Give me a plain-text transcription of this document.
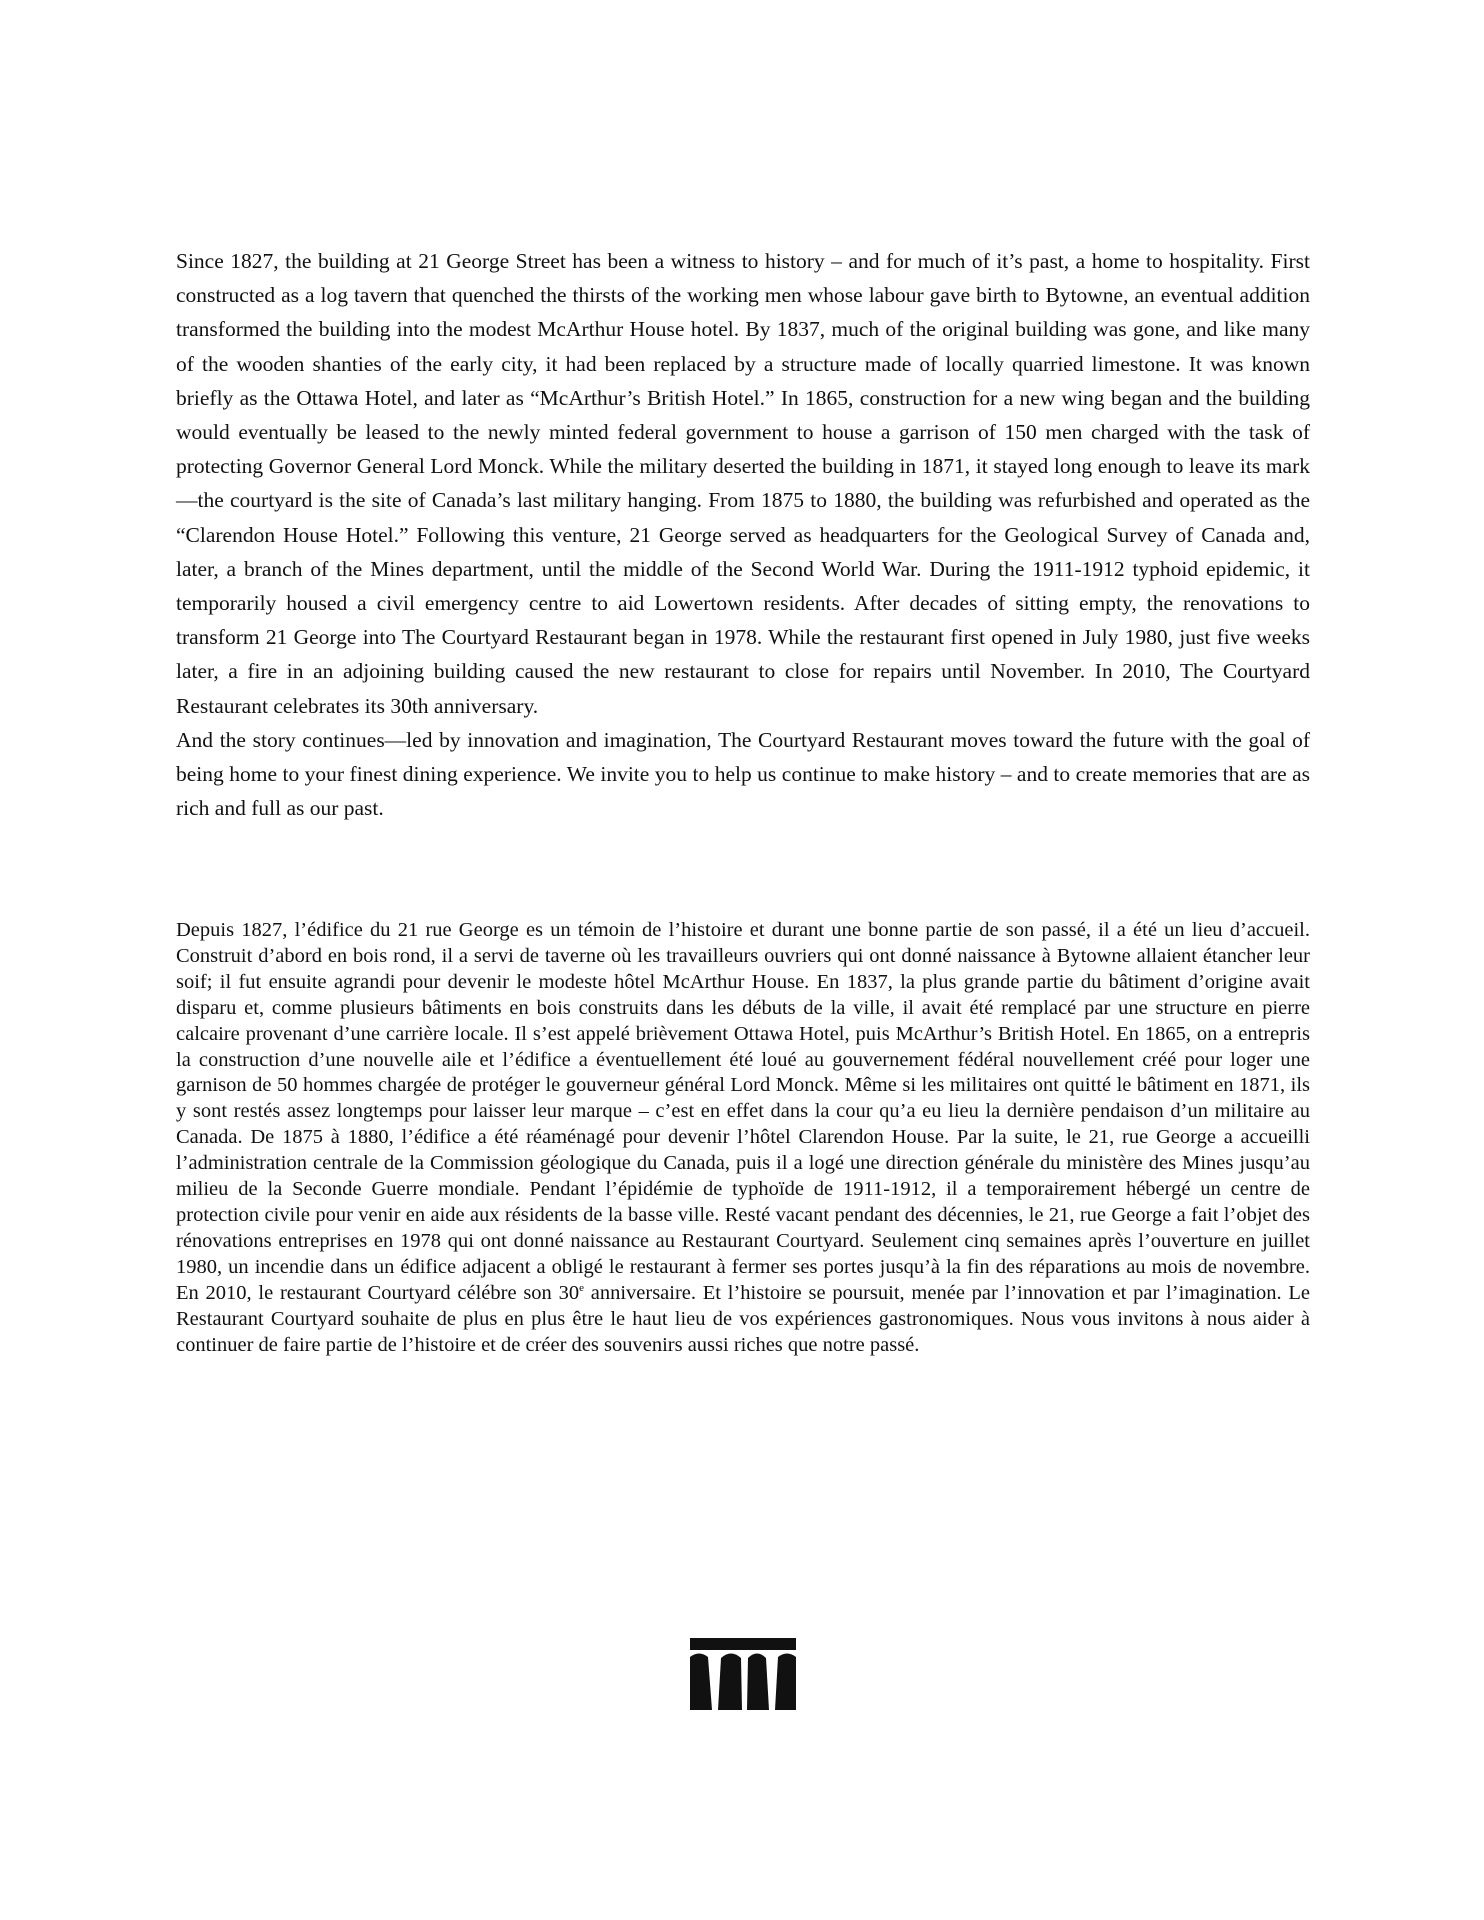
Since 1827, the building at 21 George Street has been a witness to history – and for much of it’s past, a home to hospitality. First constructed as a log tavern that quenched the thirsts of the working men whose labour gave birth to Bytowne, an eventual addition transformed the building into the modest McArthur House hotel. By 1837, much of the original building was gone, and like many of the wooden shanties of the early city, it had been replaced by a structure made of locally quarried limestone. It was known briefly as the Ottawa Hotel, and later as “McArthur’s British Hotel.” In 1865, construction for a new wing began and the building would eventually be leased to the newly minted federal government to house a garrison of 150 men charged with the task of protecting Governor General Lord Monck. While the military deserted the building in 1871, it stayed long enough to leave its mark—the courtyard is the site of Canada’s last military hanging. From 1875 to 1880, the building was refurbished and operated as the “Clarendon House Hotel.” Following this venture, 21 George served as headquarters for the Geological Survey of Canada and, later, a branch of the Mines department, until the middle of the Second World War. During the 1911-1912 typhoid epidemic, it temporarily housed a civil emergency centre to aid Lowertown residents. After decades of sitting empty, the renovations to transform 21 George into The Courtyard Restaurant began in 1978. While the restaurant first opened in July 1980, just five weeks later, a fire in an adjoining building caused the new restaurant to close for repairs until November. In 2010, The Courtyard Restaurant celebrates its 30th anniversary.

And the story continues—led by innovation and imagination, The Courtyard Restaurant moves toward the future with the goal of being home to your finest dining experience. We invite you to help us continue to make history – and to create memories that are as rich and full as our past.

Depuis 1827, l’édifice du 21 rue George es un témoin de l’histoire et durant une bonne partie de son passé, il a été un lieu d’accueil. Construit d’abord en bois rond, il a servi de taverne où les travailleurs ouvriers qui ont donné naissance à Bytowne allaient étancher leur soif; il fut ensuite agrandi pour devenir le modeste hôtel McArthur House. En 1837, la plus grande partie du bâtiment d’origine avait disparu et, comme plusieurs bâtiments en bois construits dans les débuts de la ville, il avait été remplacé par une structure en pierre calcaire provenant d’une carrière locale. Il s’est appelé brièvement Ottawa Hotel, puis McArthur’s British Hotel. En 1865, on a entrepris la construction d’une nouvelle aile et l’édifice a éventuellement été loué au gouvernement fédéral nouvellement créé pour loger une garnison de 50 hommes chargée de protéger le gouverneur général Lord Monck. Même si les militaires ont quitté le bâtiment en 1871, ils y sont restés assez longtemps pour laisser leur marque – c’est en effet dans la cour qu’a eu lieu la dernière pendaison d’un militaire au Canada. De 1875 à 1880, l’édifice a été réaménagé pour devenir l’hôtel Clarendon House. Par la suite, le 21, rue George a accueilli l’administration centrale de la Commission géologique du Canada, puis il a logé une direction générale du ministère des Mines jusqu’au milieu de la Seconde Guerre mondiale. Pendant l’épidémie de typhoïde de 1911-1912, il a temporairement hébergé un centre de protection civile pour venir en aide aux résidents de la basse ville. Resté vacant pendant des décennies, le 21, rue George a fait l’objet des rénovations entreprises en 1978 qui ont donné naissance au Restaurant Courtyard. Seulement cinq semaines après l’ouverture en juillet 1980, un incendie dans un édifice adjacent a obligé le restaurant à fermer ses portes jusqu’à la fin des réparations au mois de novembre. En 2010, le restaurant Courtyard célébre son 30e anniversaire. Et l’histoire se poursuit, menée par l’innovation et par l’imagination. Le Restaurant Courtyard souhaite de plus en plus être le haut lieu de vos expériences gastronomiques. Nous vous invitons à nous aider à continuer de faire partie de l’histoire et de créer des souvenirs aussi riches que notre passé.
